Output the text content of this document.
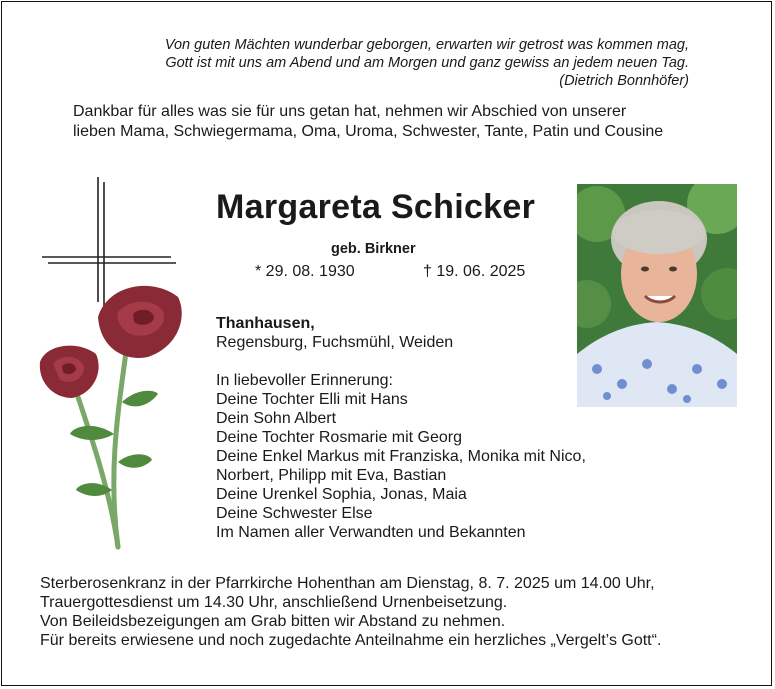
Von guten Mächten wunderbar geborgen, erwarten wir getrost was kommen mag,
Gott ist mit uns am Abend und am Morgen und ganz gewiss an jedem neuen Tag.
(Dietrich Bonnhöfer)
Dankbar für alles was sie für uns getan hat, nehmen wir Abschied von unserer
lieben Mama, Schwiegermama, Oma, Uroma, Schwester, Tante, Patin und Cousine
Margareta Schicker
geb. Birkner
* 29. 08. 1930	† 19. 06. 2025
Thanhausen,
Regensburg, Fuchsmühl, Weiden
In liebevoller Erinnerung:
Deine Tochter Elli mit Hans
Dein Sohn Albert
Deine Tochter Rosmarie mit Georg
Deine Enkel Markus mit Franziska, Monika mit Nico,
Norbert, Philipp mit Eva, Bastian
Deine Urenkel Sophia, Jonas, Maia
Deine Schwester Else
Im Namen aller Verwandten und Bekannten
Sterberosenkranz in der Pfarrkirche Hohenthan am Dienstag, 8. 7. 2025 um 14.00 Uhr,
Trauergottesdienst um 14.30 Uhr, anschließend Urnenbeisetzung.
Von Beileidsbezeigungen am Grab bitten wir Abstand zu nehmen.
Für bereits erwiesene und noch zugedachte Anteilnahme ein herzliches „Vergelt’s Gott“.
